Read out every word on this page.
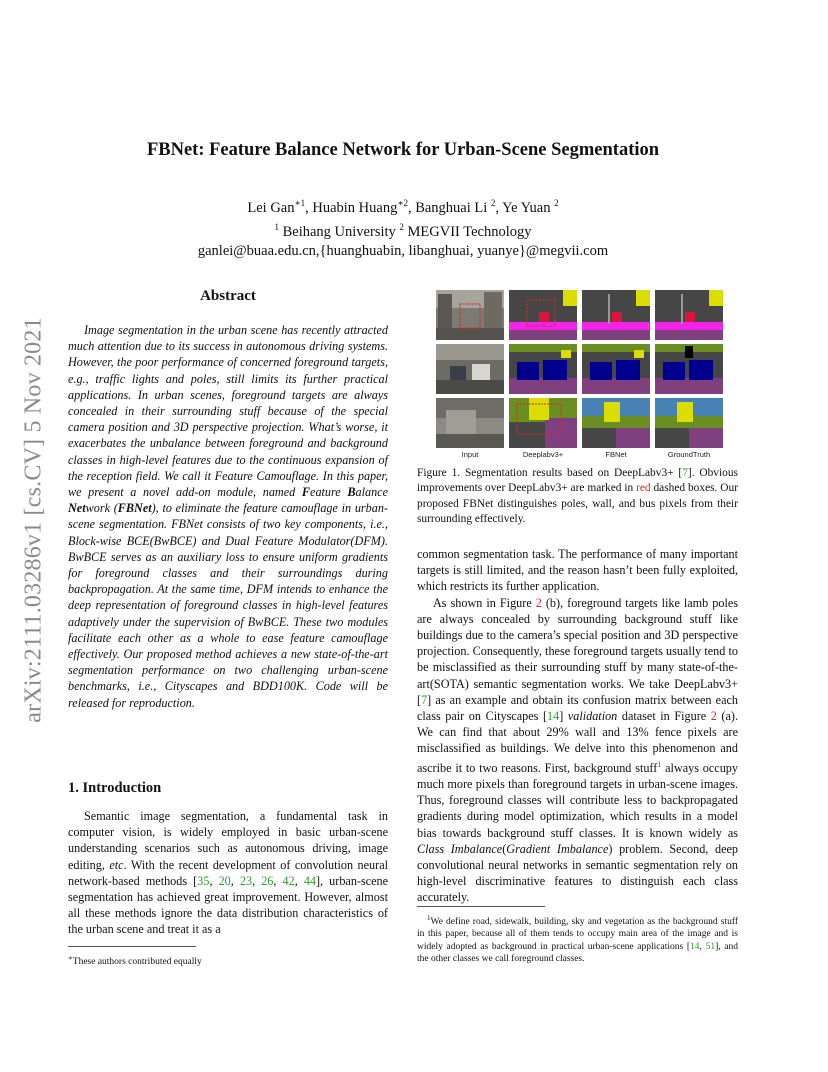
arXiv:2111.03286v1 [cs.CV] 5 Nov 2021
FBNet: Feature Balance Network for Urban-Scene Segmentation
Lei Gan$^{∗1}$, Huabin Huang$^{∗2}$, Banghuai Li $^2$, Ye Yuan $^2$
$^1$ Beihang University $^2$ MEGVII Technology
ganlei@buaa.edu.cn,{huanghuabin, libanghuai, yuanye}@megvii.com
Abstract
Image segmentation in the urban scene has recently attracted much attention due to its success in autonomous driving systems. However, the poor performance of concerned foreground targets, e.g., traffic lights and poles, still limits its further practical applications. In urban scenes, foreground targets are always concealed in their surrounding stuff because of the special camera position and 3D perspective projection. What’s worse, it exacerbates the unbalance between foreground and background classes in high-level features due to the continuous expansion of the reception field. We call it Feature Camouflage. In this paper, we present a novel add-on module, named Feature Balance Network (FBNet), to eliminate the feature camouflage in urban-scene segmentation. FBNet consists of two key components, i.e., Block-wise BCE(BwBCE) and Dual Feature Modulator(DFM). BwBCE serves as an auxiliary loss to ensure uniform gradients for foreground classes and their surroundings during backpropagation. At the same time, DFM intends to enhance the deep representation of foreground classes in high-level features adaptively under the supervision of BwBCE. These two modules facilitate each other as a whole to ease feature camouflage effectively. Our proposed method achieves a new state-of-the-art segmentation performance on two challenging urban-scene benchmarks, i.e., Cityscapes and BDD100K. Code will be released for reproduction.
1. Introduction
Semantic image segmentation, a fundamental task in computer vision, is widely employed in basic urban-scene understanding scenarios such as autonomous driving, image editing, etc. With the recent development of convolution neural network-based methods [35, 20, 23, 26, 42, 44], urban-scene segmentation has achieved great improvement. However, almost all these methods ignore the data distribution characteristics of the urban scene and treat it as a
∗These authors contributed equally
Input	Deeplabv3+	FBNet	GroundTruth
Figure 1. Segmentation results based on DeepLabv3+ [7]. Obvious improvements over DeepLabv3+ are marked in red dashed boxes. Our proposed FBNet distinguishes poles, wall, and bus pixels from their surrounding effectively.

common segmentation task. The performance of many important targets is still limited, and the reason hasn’t been fully exploited, which restricts its further application.

As shown in Figure 2 (b), foreground targets like lamb poles are always concealed by surrounding background stuff like buildings due to the camera’s special position and 3D perspective projection. Consequently, these foreground targets usually tend to be misclassified as their surrounding stuff by many state-of-the-art(SOTA) semantic segmentation works. We take DeepLabv3+ [7] as an example and obtain its confusion matrix between each class pair on Cityscapes [14] validation dataset in Figure 2 (a). We can find that about 29% wall and 13% fence pixels are misclassified as buildings. We delve into this phenomenon and ascribe it to two reasons. First, background stuff$^1$ always occupy much more pixels than foreground targets in urban-scene images. Thus, foreground classes will contribute less to backpropagated gradients during model optimization, which results in a model bias towards background stuff classes. It is known widely as Class Imbalance(Gradient Imbalance) problem. Second, deep convolutional neural networks in semantic segmentation rely on high-level discriminative features to distinguish each class accurately.

$^1$We define road, sidewalk, building, sky and vegetation as the background stuff in this paper, because all of them tends to occupy main area of the image and is widely adopted as background in practical urban-scene applications [14, 51], and the other classes we call foreground classes.
